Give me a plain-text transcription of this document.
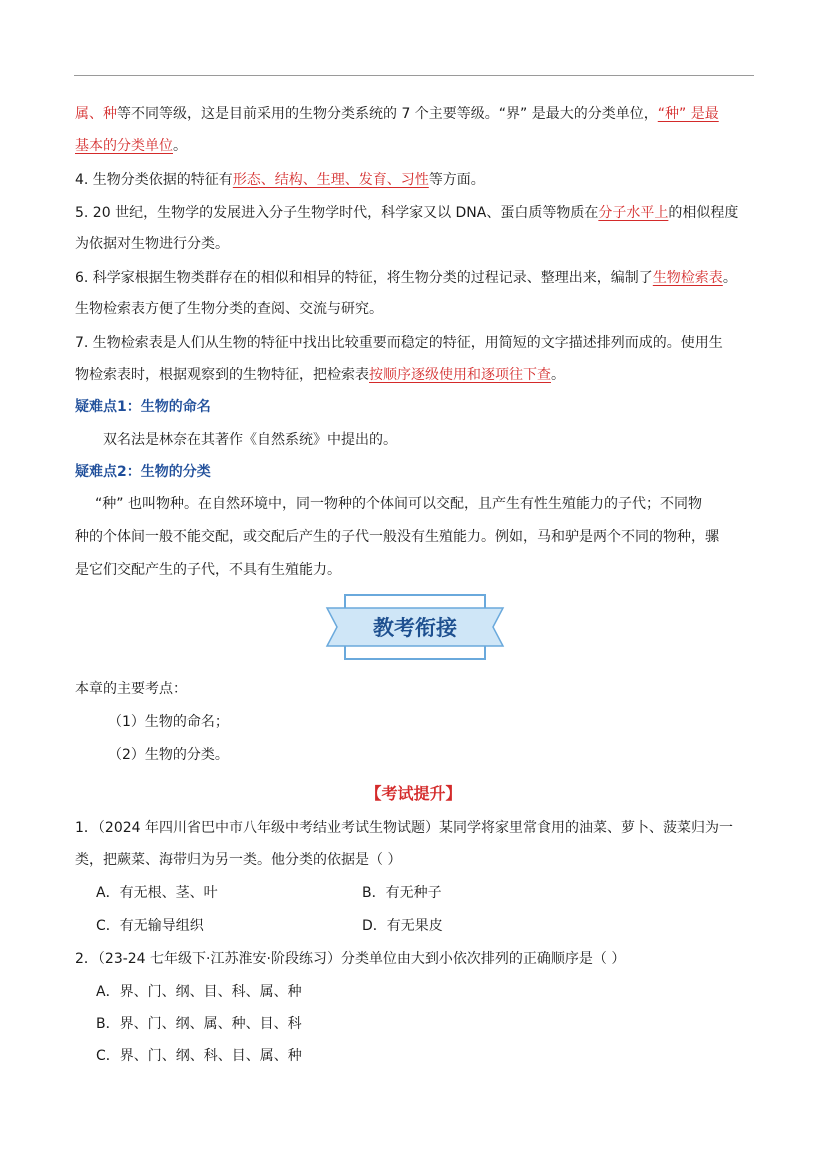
属、种等不同等级，这是目前采用的生物分类系统的 7 个主要等级。“界” 是最大的分类单位，“种” 是最
基本的分类单位。
4. 生物分类依据的特征有形态、结构、生理、发育、习性等方面。
5. 20 世纪，生物学的发展进入分子生物学时代，科学家又以 DNA、蛋白质等物质在分子水平上的相似程度
为依据对生物进行分类。
6. 科学家根据生物类群存在的相似和相异的特征，将生物分类的过程记录、整理出来，编制了生物检索表。
生物检索表方便了生物分类的查阅、交流与研究。
7. 生物检索表是人们从生物的特征中找出比较重要而稳定的特征，用简短的文字描述排列而成的。使用生
物检索表时，根据观察到的生物特征，把检索表按顺序逐级使用和逐项往下查。
疑难点1：生物的命名
双名法是林奈在其著作《自然系统》中提出的。
疑难点2：生物的分类
“种” 也叫物种。在自然环境中，同一物种的个体间可以交配，且产生有性生殖能力的子代；不同物
种的个体间一般不能交配，或交配后产生的子代一般没有生殖能力。例如，马和驴是两个不同的物种，骡
是它们交配产生的子代，不具有生殖能力。
教考衔接
本章的主要考点：
（1）生物的命名；
（2）生物的分类。
【考试提升】
1．（2024 年四川省巴中市八年级中考结业考试生物试题）某同学将家里常食用的油菜、萝卜、菠菜归为一
类，把蕨菜、海带归为另一类。他分类的依据是（ ）
A．有无根、茎、叶	B．有无种子
C．有无输导组织	D．有无果皮
2．（23-24 七年级下·江苏淮安·阶段练习）分类单位由大到小依次排列的正确顺序是（ ）
A．界、门、纲、目、科、属、种
B．界、门、纲、属、种、目、科
C．界、门、纲、科、目、属、种
